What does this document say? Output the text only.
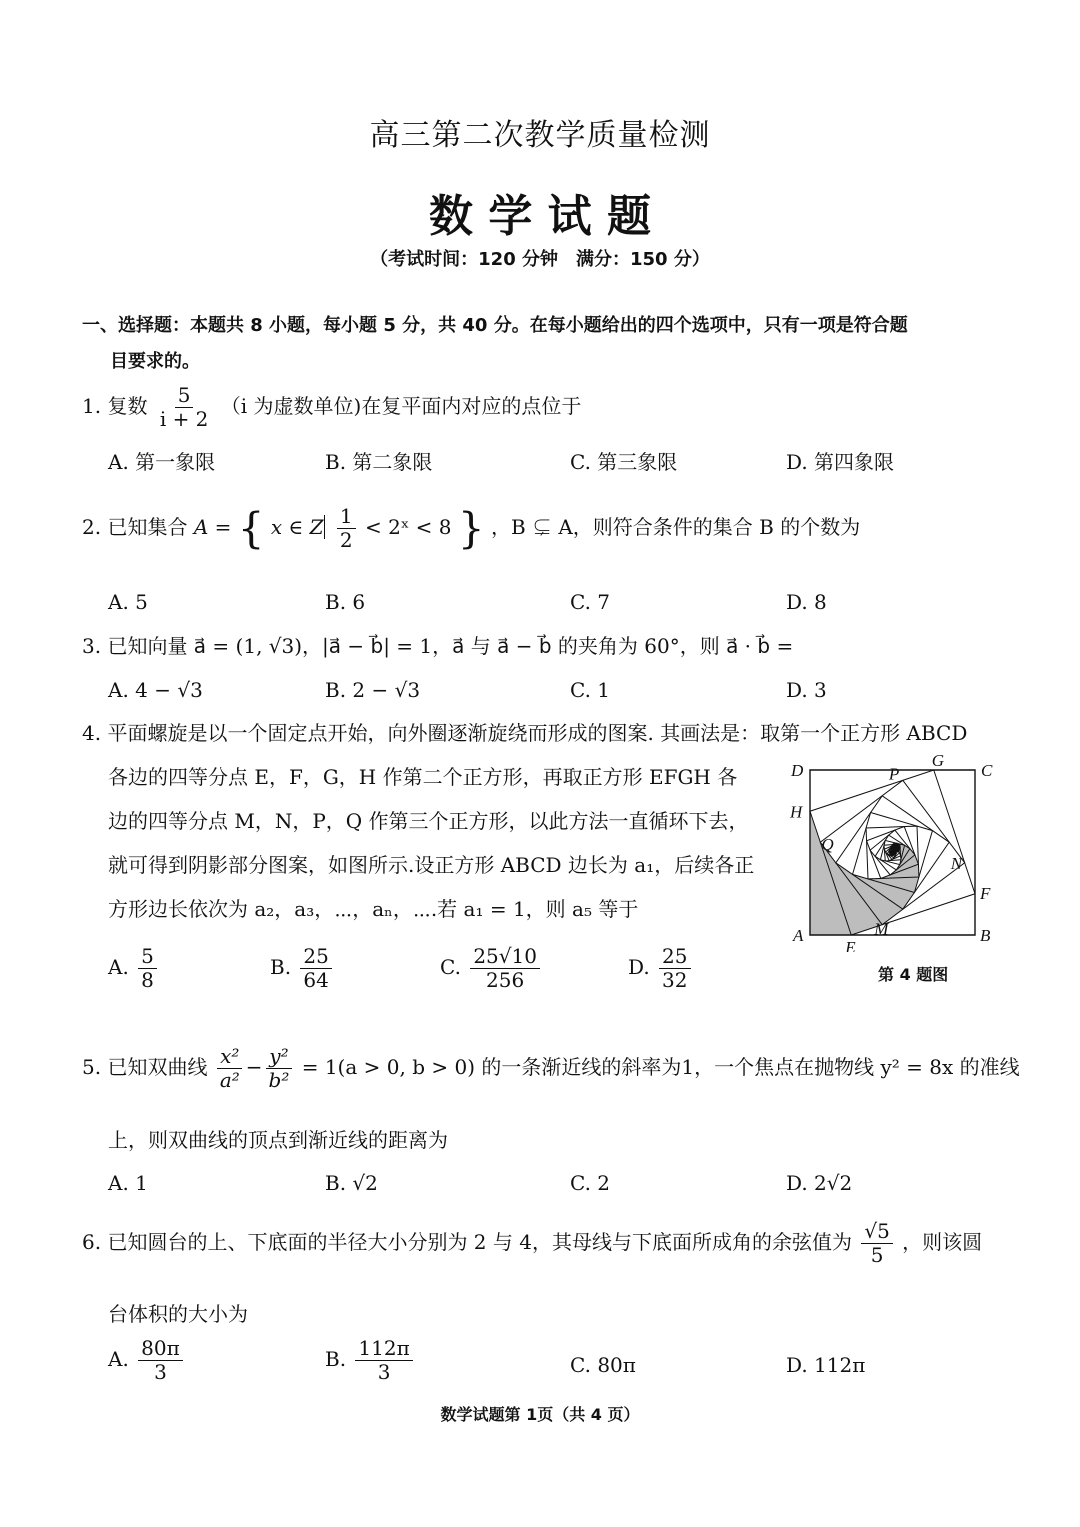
高三第二次教学质量检测
数 学 试 题
（考试时间：120 分钟　满分：150 分）
一、选择题：本题共 8 小题，每小题 5 分，共 40 分。在每小题给出的四个选项中，只有一项是符合题
目要求的。
1. 复数 $\frac{5}{i + 2} (i$ 为虚数单位)在复平面内对应的点位于
A. 第一象限	B. 第二象限	C. 第三象限	D. 第四象限
2. 已知集合 A = { x ∈ Z $\frac{1}{2}$ < 2ˣ < 8 } ，B ⊊ A，则符合条件的集合 B 的个数为
A. 5	B. 6	C. 7	D. 8
3. 已知向量 a⃗ = (1, √3)，|a⃗ − b⃗| = 1，a⃗ 与 a⃗ − b⃗ 的夹角为 60°，则 a⃗ · b⃗ =
A. 4 − √3	B. 2 − √3	C. 1	D. 3
4. 平面螺旋是以一个固定点开始，向外圈逐渐旋绕而形成的图案. 其画法是：取第一个正方形 ABCD
各边的四等分点 E，F，G，H 作第二个正方形，再取正方形 EFGH 各
边的四等分点 M，N，P，Q 作第三个正方形，以此方法一直循环下去，
就可得到阴影部分图案，如图所示.设正方形 ABCD 边长为 a₁，后续各正
方形边长依次为 a₂，a₃，⋯，aₙ，⋯.若 a₁ = 1，则 a₅ 等于
D	P
G
C
H
Q
N
F
A
E
M	B
第 4 题图
A. $\frac{5}{8}$	B. $\frac{25}{64}$	C. $\frac{25√10}{256}$	D. $\frac{25}{32}$
5. 已知双曲线 $\frac{\text{x²}}{\text{a²}} - \frac{\text{y²}}{\text{b²}} = 1(a > 0$, b > 0) 的一条渐近线的斜率为1，一个焦点在抛物线 y² = 8x 的准线
上，则双曲线的顶点到渐近线的距离为
A. 1	B. √2	C. 2	D. 2√2
6. 已知圆台的上、下底面的半径大小分别为 2 与 4，其母线与下底面所成角的余弦值为 $\frac{√5}{5}$ ，则该圆
台体积的大小为
A. $\frac{80\pi}{3}$	B. $\frac{112\pi}{3}$	C. 80π	D. 112π
数学试题第 1页（共 4 页）
